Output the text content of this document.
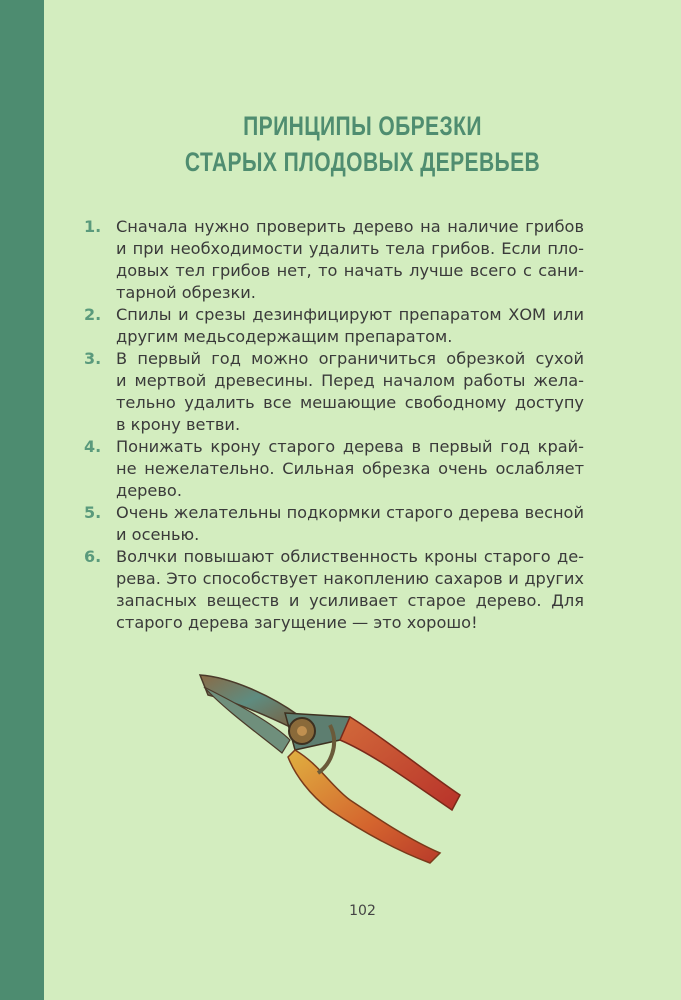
ПРИНЦИПЫ ОБРЕЗКИ
СТАРЫХ ПЛОДОВЫХ ДЕРЕВЬЕВ
1. Сначала нужно проверить дерево на наличие грибов
и при необходимости удалить тела грибов. Если пло-
довых тел грибов нет, то начать лучше всего с сани-
тарной обрезки.
2. Спилы и срезы дезинфицируют препаратом ХОМ или
другим медьсодержащим препаратом.
3. В первый год можно ограничиться обрезкой сухой
и мертвой древесины. Перед началом работы жела-
тельно удалить все мешающие свободному доступу
в крону ветви.
4. Понижать крону старого дерева в первый год край-
не нежелательно. Сильная обрезка очень ослабляет
дерево.
5. Очень желательны подкормки старого дерева весной
и осенью.
6. Волчки повышают облиственность кроны старого де-
рева. Это способствует накоплению сахаров и других
запасных веществ и усиливает старое дерево. Для
старого дерева загущение — это хорошо!
102
